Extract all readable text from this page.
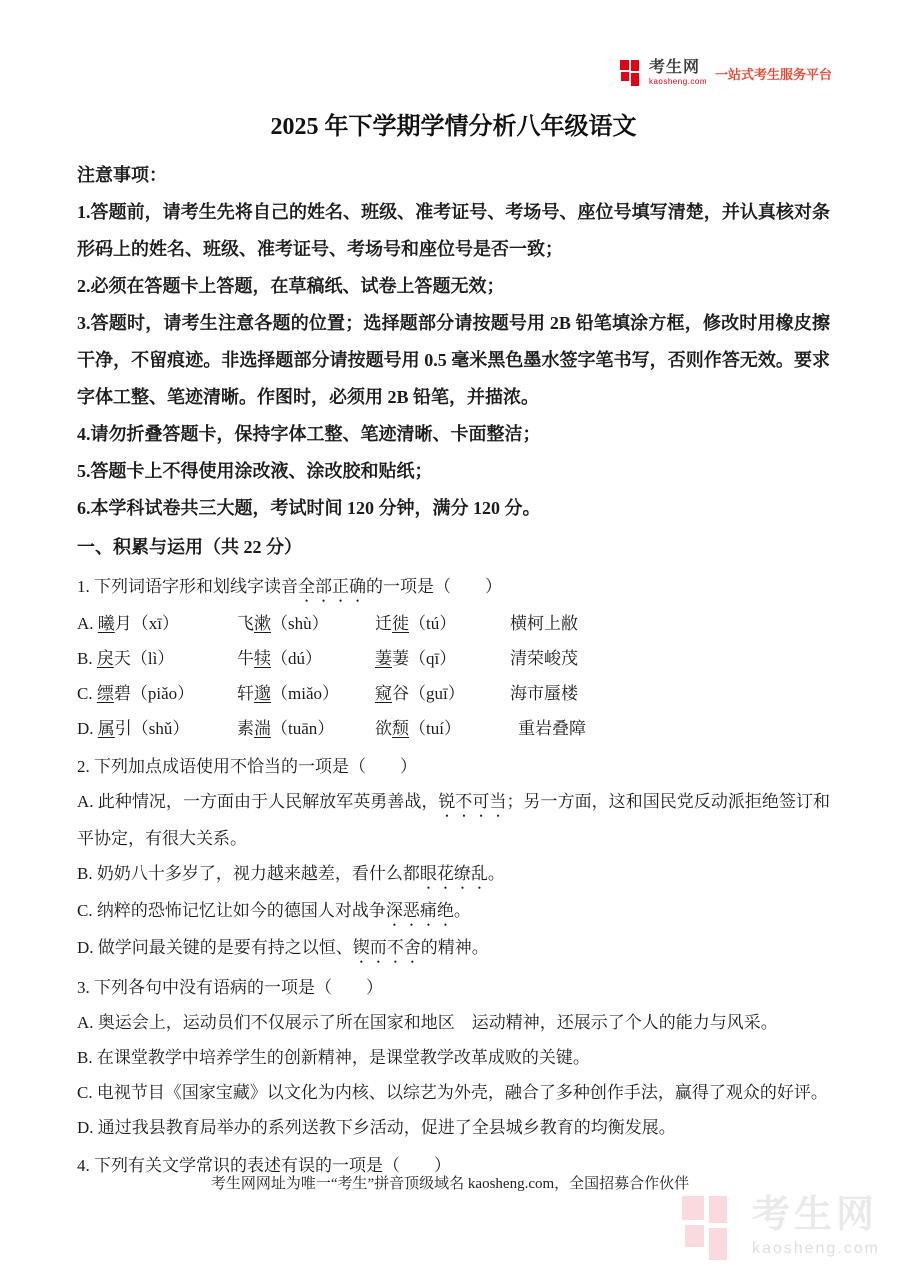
考生网
kaosheng.com 一站式考生服务平台
2025 年下学期学情分析八年级语文
注意事项：

1.答题前，请考生先将自己的姓名、班级、准考证号、考场号、座位号填写清楚，并认真核对条形码上的姓名、班级、准考证号、考场号和座位号是否一致；

2.必须在答题卡上答题，在草稿纸、试卷上答题无效；

3.答题时，请考生注意各题的位置；选择题部分请按题号用 2B 铅笔填涂方框，修改时用橡皮擦干净，不留痕迹。非选择题部分请按题号用 0.5 毫米黑色墨水签字笔书写，否则作答无效。要求字体工整、笔迹清晰。作图时，必须用 2B 铅笔，并描浓。

4.请勿折叠答题卡，保持字体工整、笔迹清晰、卡面整洁；

5.答题卡上不得使用涂改液、涂改胶和贴纸；

6.本学科试卷共三大题，考试时间 120 分钟，满分 120 分。

一、积累与运用（共 22 分）

1. 下列词语字形和划线字读音全部正确的一项是（　　）

A. 曦月（xī）	飞漱（shù）	迁徙（tú）	横柯上敝
B. 戾天（lì）	牛犊（dú）	萋萋（qī）	清荣峻茂
C. 缥碧（piǎo）	轩邈（miǎo）	窥谷（guī）	海市蜃楼
D. 属引（shǔ）	素湍（tuān）	欲颓（tuí）	重岩叠障

2. 下列加点成语使用不恰当的一项是（　　）

A. 此种情况，一方面由于人民解放军英勇善战，锐不可当；另一方面，这和国民党反动派拒绝签订和平协定，有很大关系。

B. 奶奶八十多岁了，视力越来越差，看什么都眼花缭乱。

C. 纳粹的恐怖记忆让如今的德国人对战争深恶痛绝。

D. 做学问最关键的是要有持之以恒、锲而不舍的精神。

3. 下列各句中没有语病的一项是（　　）

A. 奥运会上，运动员们不仅展示了所在国家和地区　运动精神，还展示了个人的能力与风采。

B. 在课堂教学中培养学生的创新精神，是课堂教学改革成败的关键。

C. 电视节目《国家宝藏》以文化为内核、以综艺为外壳，融合了多种创作手法，赢得了观众的好评。

D. 通过我县教育局举办的系列送教下乡活动，促进了全县城乡教育的均衡发展。

4. 下列有关文学常识的表述有误的一项是（　　）

考生网网址为唯一“考生”拼音顶级域名 kaosheng.com，全国招募合作伙伴
考生网
kaosheng.com
